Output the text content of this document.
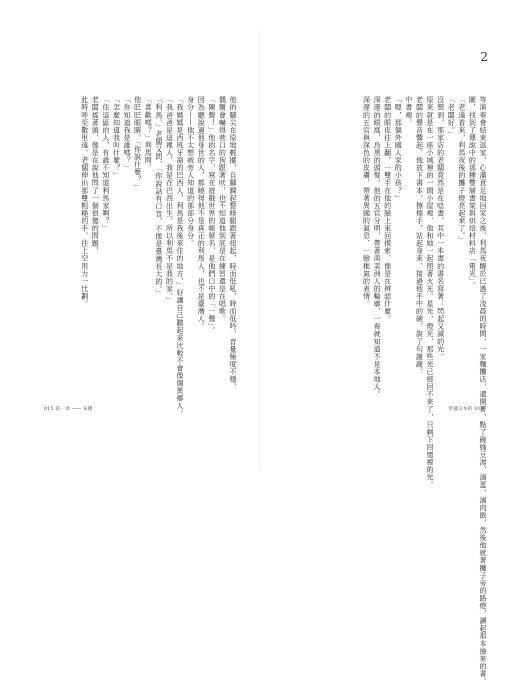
他的腳尖在原地輕擺，自腳踝起整條腿跟著扭起，時而低吼，時而低吟，音量極度不穩，
偶爾會嚇得巷口的狗跟著吠，也不知道他到底是在練習還是在唱歌。
「陳聲！」他的名字，寫在遊戲世界的帳號名，是他們口中的「一聲」。
因為聽說過他身世的人，都曉得他不是真正的利馬人，也不是臺灣人。
身分——他不太想被旁人知道的那部分身分。
「我媽媽是西班牙裔的巴西人，利馬是我後來住的地方，」好讓自己聽起來比較不會像個異鄉人。
「我爸爸是這裡人，我是在巴西出生，所以利馬不是我的家。」
「利馬，」老闆又問，「你說話有口音，不像是臺灣長大的。」
「喜歡嗎？」利馬問。
他眨眨眼睛，「你說什麼？」
「你知道我是誰嗎？」
「怎麼知道我叫什麼？」
「住這區的人，有誰不知道利馬家啊？」
老闆搖著頭，像是在說他問了一個很傻的問題，
此時呼至數里遠，老闆伸出那雙粗糙的手，往上空用力一比劃。
015 第一章 ─── 朱槿
2
等演奏會結束返家，心滿意足地回家之後，利馬夜醒於已過了凌晨的時間，一家麵攤店，還開著，點了碗綠豆湯、滷蛋、滷肉飯，然後他就著攤子旁的路燈，讀起那本撿來的書。
圖，找到了傳說中的那種雙層書架與烘焙材料店「電光」。
「老遠看來，利馬夜後的攤子燈亮起來了。」
「老闆好。」
沒想到，那家店的老闆竟然是在唸書，其中一本書的書名寫著：閃起又滅的光。
原來就是在一座小城裡的一間小屋裡，他和她一起照著火光、星光、燈光，那些光已經回不來了，只剩下回憶裡的光。
老闆的聲音響起。他放下書本，擦擦手，站起身來，接過他手中的碗，說了句謝謝。
中書裡。
「嗯，那個外國人家的小孩？」
老闆的眼皮往上翻，一雙手在他的臉上來回摸索，像是在辨認什麼。
深邃的眼窩，烏黑的頭髮，他的五官分明，帶著南美洲人的輪廓，一看就知道不是本地人。
深邃的五官與深色的皮膚，帶著異國的氣息，一臉稚氣的表情。
穿越日本的 016
